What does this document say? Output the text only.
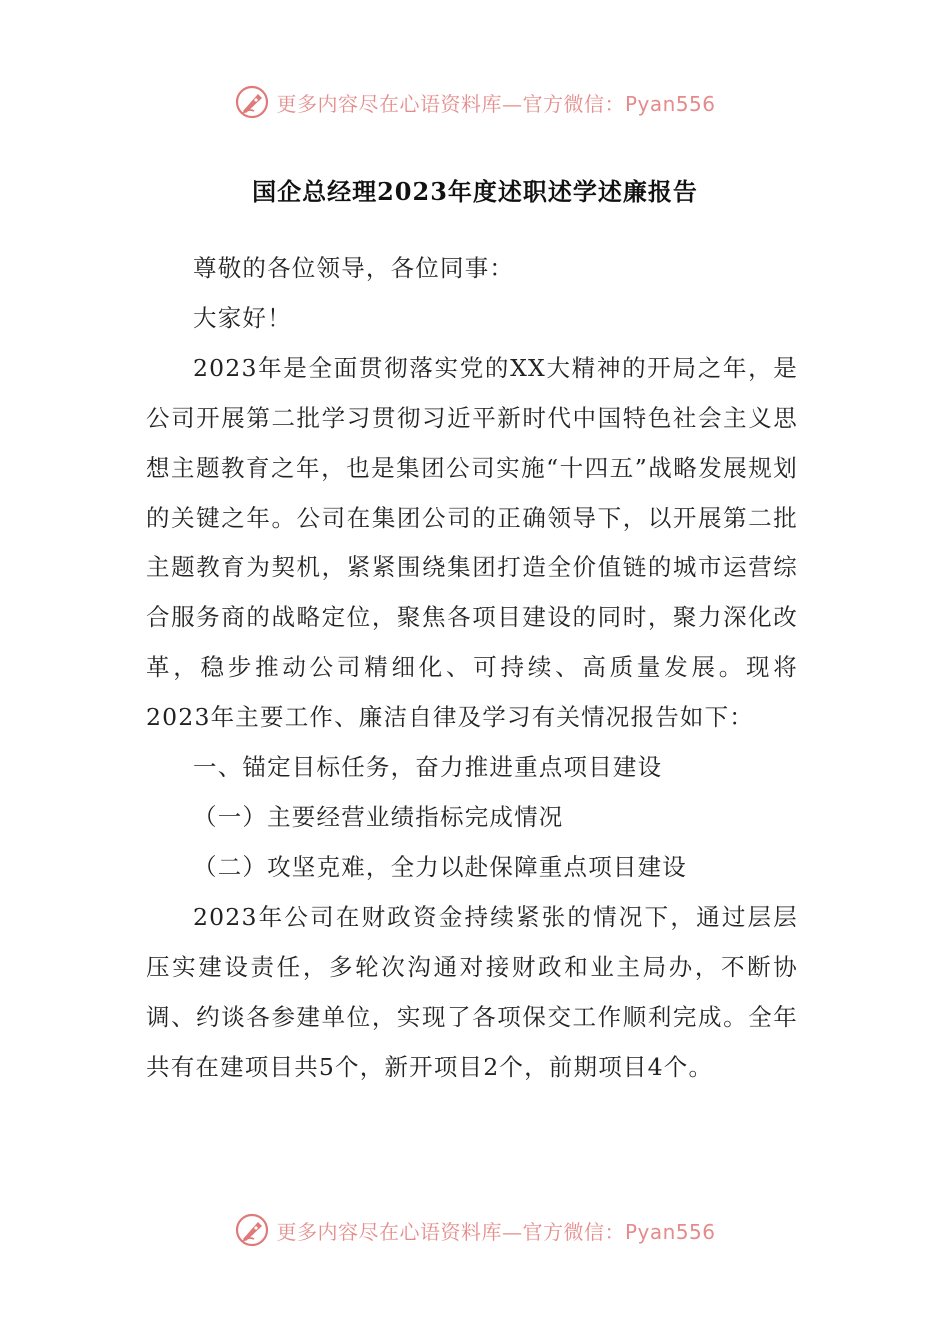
更多内容尽在心语资料库—官方微信：Pyan556
国企总经理2023年度述职述学述廉报告

尊敬的各位领导，各位同事：

大家好！

2023年是全面贯彻落实党的XX大精神的开局之年，是公司开展第二批学习贯彻习近平新时代中国特色社会主义思想主题教育之年，也是集团公司实施“十四五”战略发展规划的关键之年。公司在集团公司的正确领导下，以开展第二批主题教育为契机，紧紧围绕集团打造全价值链的城市运营综合服务商的战略定位，聚焦各项目建设的同时，聚力深化改革，稳步推动公司精细化、可持续、高质量发展。现将2023年主要工作、廉洁自律及学习有关情况报告如下：

一、锚定目标任务，奋力推进重点项目建设

（一）主要经营业绩指标完成情况

（二）攻坚克难，全力以赴保障重点项目建设

2023年公司在财政资金持续紧张的情况下，通过层层压实建设责任，多轮次沟通对接财政和业主局办，不断协调、约谈各参建单位，实现了各项保交工作顺利完成。全年共有在建项目共5个，新开项目2个，前期项目4个。

更多内容尽在心语资料库—官方微信：Pyan556
